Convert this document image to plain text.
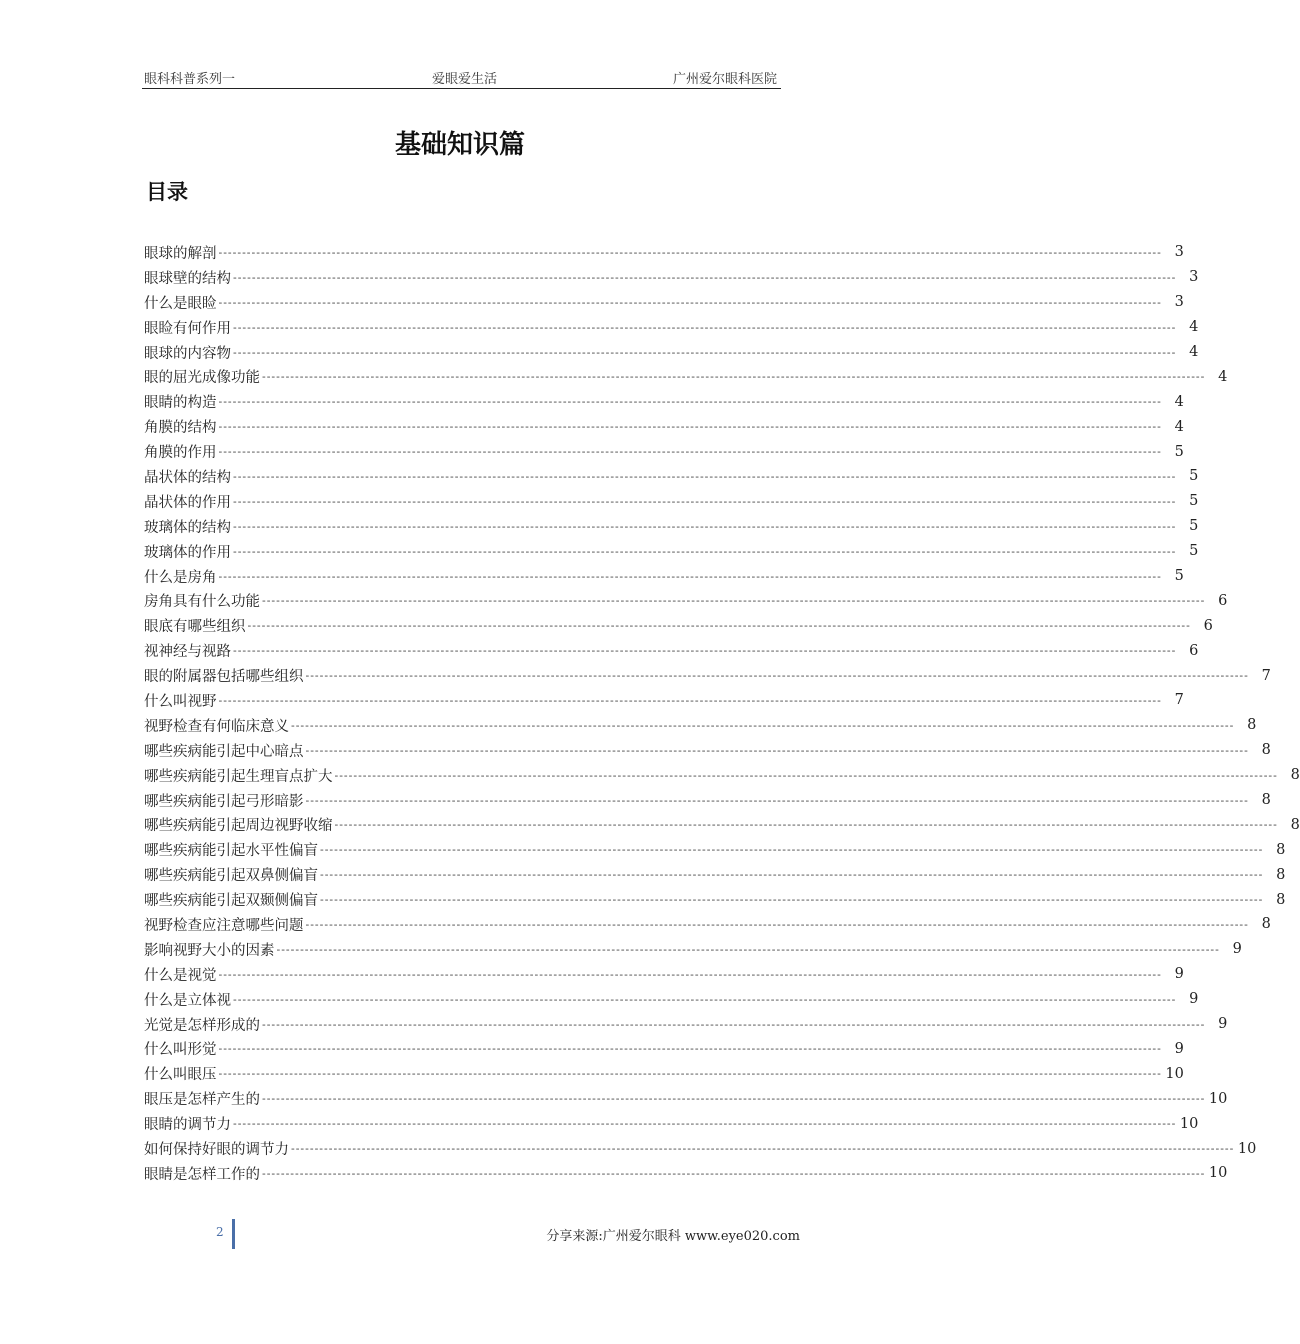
眼科科普系列一	爱眼爱生活	广州爱尔眼科医院
基础知识篇
目录
眼球的解剖 -------------------------------------------------------------------------------------------------------------------------------------------------------------------------------------------------------- 3
眼球壁的结构 -------------------------------------------------------------------------------------------------------------------------------------------------------------------------------------------------------- 3
什么是眼睑 -------------------------------------------------------------------------------------------------------------------------------------------------------------------------------------------------------- 3
眼睑有何作用 -------------------------------------------------------------------------------------------------------------------------------------------------------------------------------------------------------- 4
眼球的内容物 -------------------------------------------------------------------------------------------------------------------------------------------------------------------------------------------------------- 4
眼的屈光成像功能 -------------------------------------------------------------------------------------------------------------------------------------------------------------------------------------------------------- 4
眼睛的构造 -------------------------------------------------------------------------------------------------------------------------------------------------------------------------------------------------------- 4
角膜的结构 -------------------------------------------------------------------------------------------------------------------------------------------------------------------------------------------------------- 4
角膜的作用 -------------------------------------------------------------------------------------------------------------------------------------------------------------------------------------------------------- 5
晶状体的结构 -------------------------------------------------------------------------------------------------------------------------------------------------------------------------------------------------------- 5
晶状体的作用 -------------------------------------------------------------------------------------------------------------------------------------------------------------------------------------------------------- 5
玻璃体的结构 -------------------------------------------------------------------------------------------------------------------------------------------------------------------------------------------------------- 5
玻璃体的作用 -------------------------------------------------------------------------------------------------------------------------------------------------------------------------------------------------------- 5
什么是房角 -------------------------------------------------------------------------------------------------------------------------------------------------------------------------------------------------------- 5
房角具有什么功能 -------------------------------------------------------------------------------------------------------------------------------------------------------------------------------------------------------- 6
眼底有哪些组织 -------------------------------------------------------------------------------------------------------------------------------------------------------------------------------------------------------- 6
视神经与视路 -------------------------------------------------------------------------------------------------------------------------------------------------------------------------------------------------------- 6
眼的附属器包括哪些组织 -------------------------------------------------------------------------------------------------------------------------------------------------------------------------------------------------------- 7
什么叫视野 -------------------------------------------------------------------------------------------------------------------------------------------------------------------------------------------------------- 7
视野检查有何临床意义 -------------------------------------------------------------------------------------------------------------------------------------------------------------------------------------------------------- 8
哪些疾病能引起中心暗点 -------------------------------------------------------------------------------------------------------------------------------------------------------------------------------------------------------- 8
哪些疾病能引起生理盲点扩大 -------------------------------------------------------------------------------------------------------------------------------------------------------------------------------------------------------- 8
哪些疾病能引起弓形暗影 -------------------------------------------------------------------------------------------------------------------------------------------------------------------------------------------------------- 8
哪些疾病能引起周边视野收缩 -------------------------------------------------------------------------------------------------------------------------------------------------------------------------------------------------------- 8
哪些疾病能引起水平性偏盲 -------------------------------------------------------------------------------------------------------------------------------------------------------------------------------------------------------- 8
哪些疾病能引起双鼻侧偏盲 -------------------------------------------------------------------------------------------------------------------------------------------------------------------------------------------------------- 8
哪些疾病能引起双颞侧偏盲 -------------------------------------------------------------------------------------------------------------------------------------------------------------------------------------------------------- 8
视野检查应注意哪些问题 -------------------------------------------------------------------------------------------------------------------------------------------------------------------------------------------------------- 8
影响视野大小的因素 -------------------------------------------------------------------------------------------------------------------------------------------------------------------------------------------------------- 9
什么是视觉 -------------------------------------------------------------------------------------------------------------------------------------------------------------------------------------------------------- 9
什么是立体视 -------------------------------------------------------------------------------------------------------------------------------------------------------------------------------------------------------- 9
光觉是怎样形成的 -------------------------------------------------------------------------------------------------------------------------------------------------------------------------------------------------------- 9
什么叫形觉 -------------------------------------------------------------------------------------------------------------------------------------------------------------------------------------------------------- 9
什么叫眼压 -------------------------------------------------------------------------------------------------------------------------------------------------------------------------------------------------------- 10
眼压是怎样产生的 -------------------------------------------------------------------------------------------------------------------------------------------------------------------------------------------------------- 10
眼睛的调节力 -------------------------------------------------------------------------------------------------------------------------------------------------------------------------------------------------------- 10
如何保持好眼的调节力 -------------------------------------------------------------------------------------------------------------------------------------------------------------------------------------------------------- 10
眼睛是怎样工作的 -------------------------------------------------------------------------------------------------------------------------------------------------------------------------------------------------------- 10
2	分享来源:广州爱尔眼科 www.eye020.com
